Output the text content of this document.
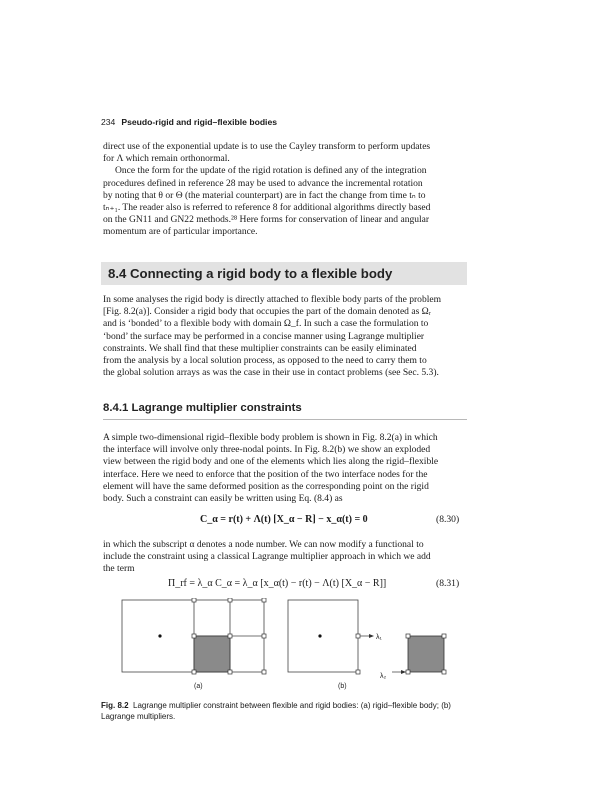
234 Pseudo-rigid and rigid–flexible bodies
direct use of the exponential update is to use the Cayley transform to perform updates
for Λ which remain orthonormal.
Once the form for the update of the rigid rotation is defined any of the integration
procedures defined in reference 28 may be used to advance the incremental rotation
by noting that θ or Θ (the material counterpart) are in fact the change from time tₙ to
tₙ₊₁. The reader also is referred to reference 8 for additional algorithms directly based
on the GN11 and GN22 methods.²⁸ Here forms for conservation of linear and angular
momentum are of particular importance.
8.4 Connecting a rigid body to a flexible body
In some analyses the rigid body is directly attached to flexible body parts of the problem
[Fig. 8.2(a)]. Consider a rigid body that occupies the part of the domain denoted as Ωᵣ
and is ‘bonded’ to a flexible body with domain Ω_f. In such a case the formulation to
‘bond’ the surface may be performed in a concise manner using Lagrange multiplier
constraints. We shall find that these multiplier constraints can be easily eliminated
from the analysis by a local solution process, as opposed to the need to carry them to
the global solution arrays as was the case in their use in contact problems (see Sec. 5.3).
8.4.1 Lagrange multiplier constraints
A simple two-dimensional rigid–flexible body problem is shown in Fig. 8.2(a) in which
the interface will involve only three-nodal points. In Fig. 8.2(b) we show an exploded
view between the rigid body and one of the elements which lies along the rigid–flexible
interface. Here we need to enforce that the position of the two interface nodes for the
element will have the same deformed position as the corresponding point on the rigid
body. Such a constraint can easily be written using Eq. (8.4) as
C_α = r(t) + Λ(t) [X_α − R] − x_α(t) = 0	(8.30)
in which the subscript α denotes a node number. We can now modify a functional to
include the constraint using a classical Lagrange multiplier approach in which we add
the term
Π_rf = λ_α C_α = λ_α [x_α(t) − r(t) − Λ(t) [X_α − R]]	(8.31)
(a)
λ₁
λ₂
(b)
Fig. 8.2 Lagrange multiplier constraint between flexible and rigid bodies: (a) rigid–flexible body; (b) Lagrange multipliers.
